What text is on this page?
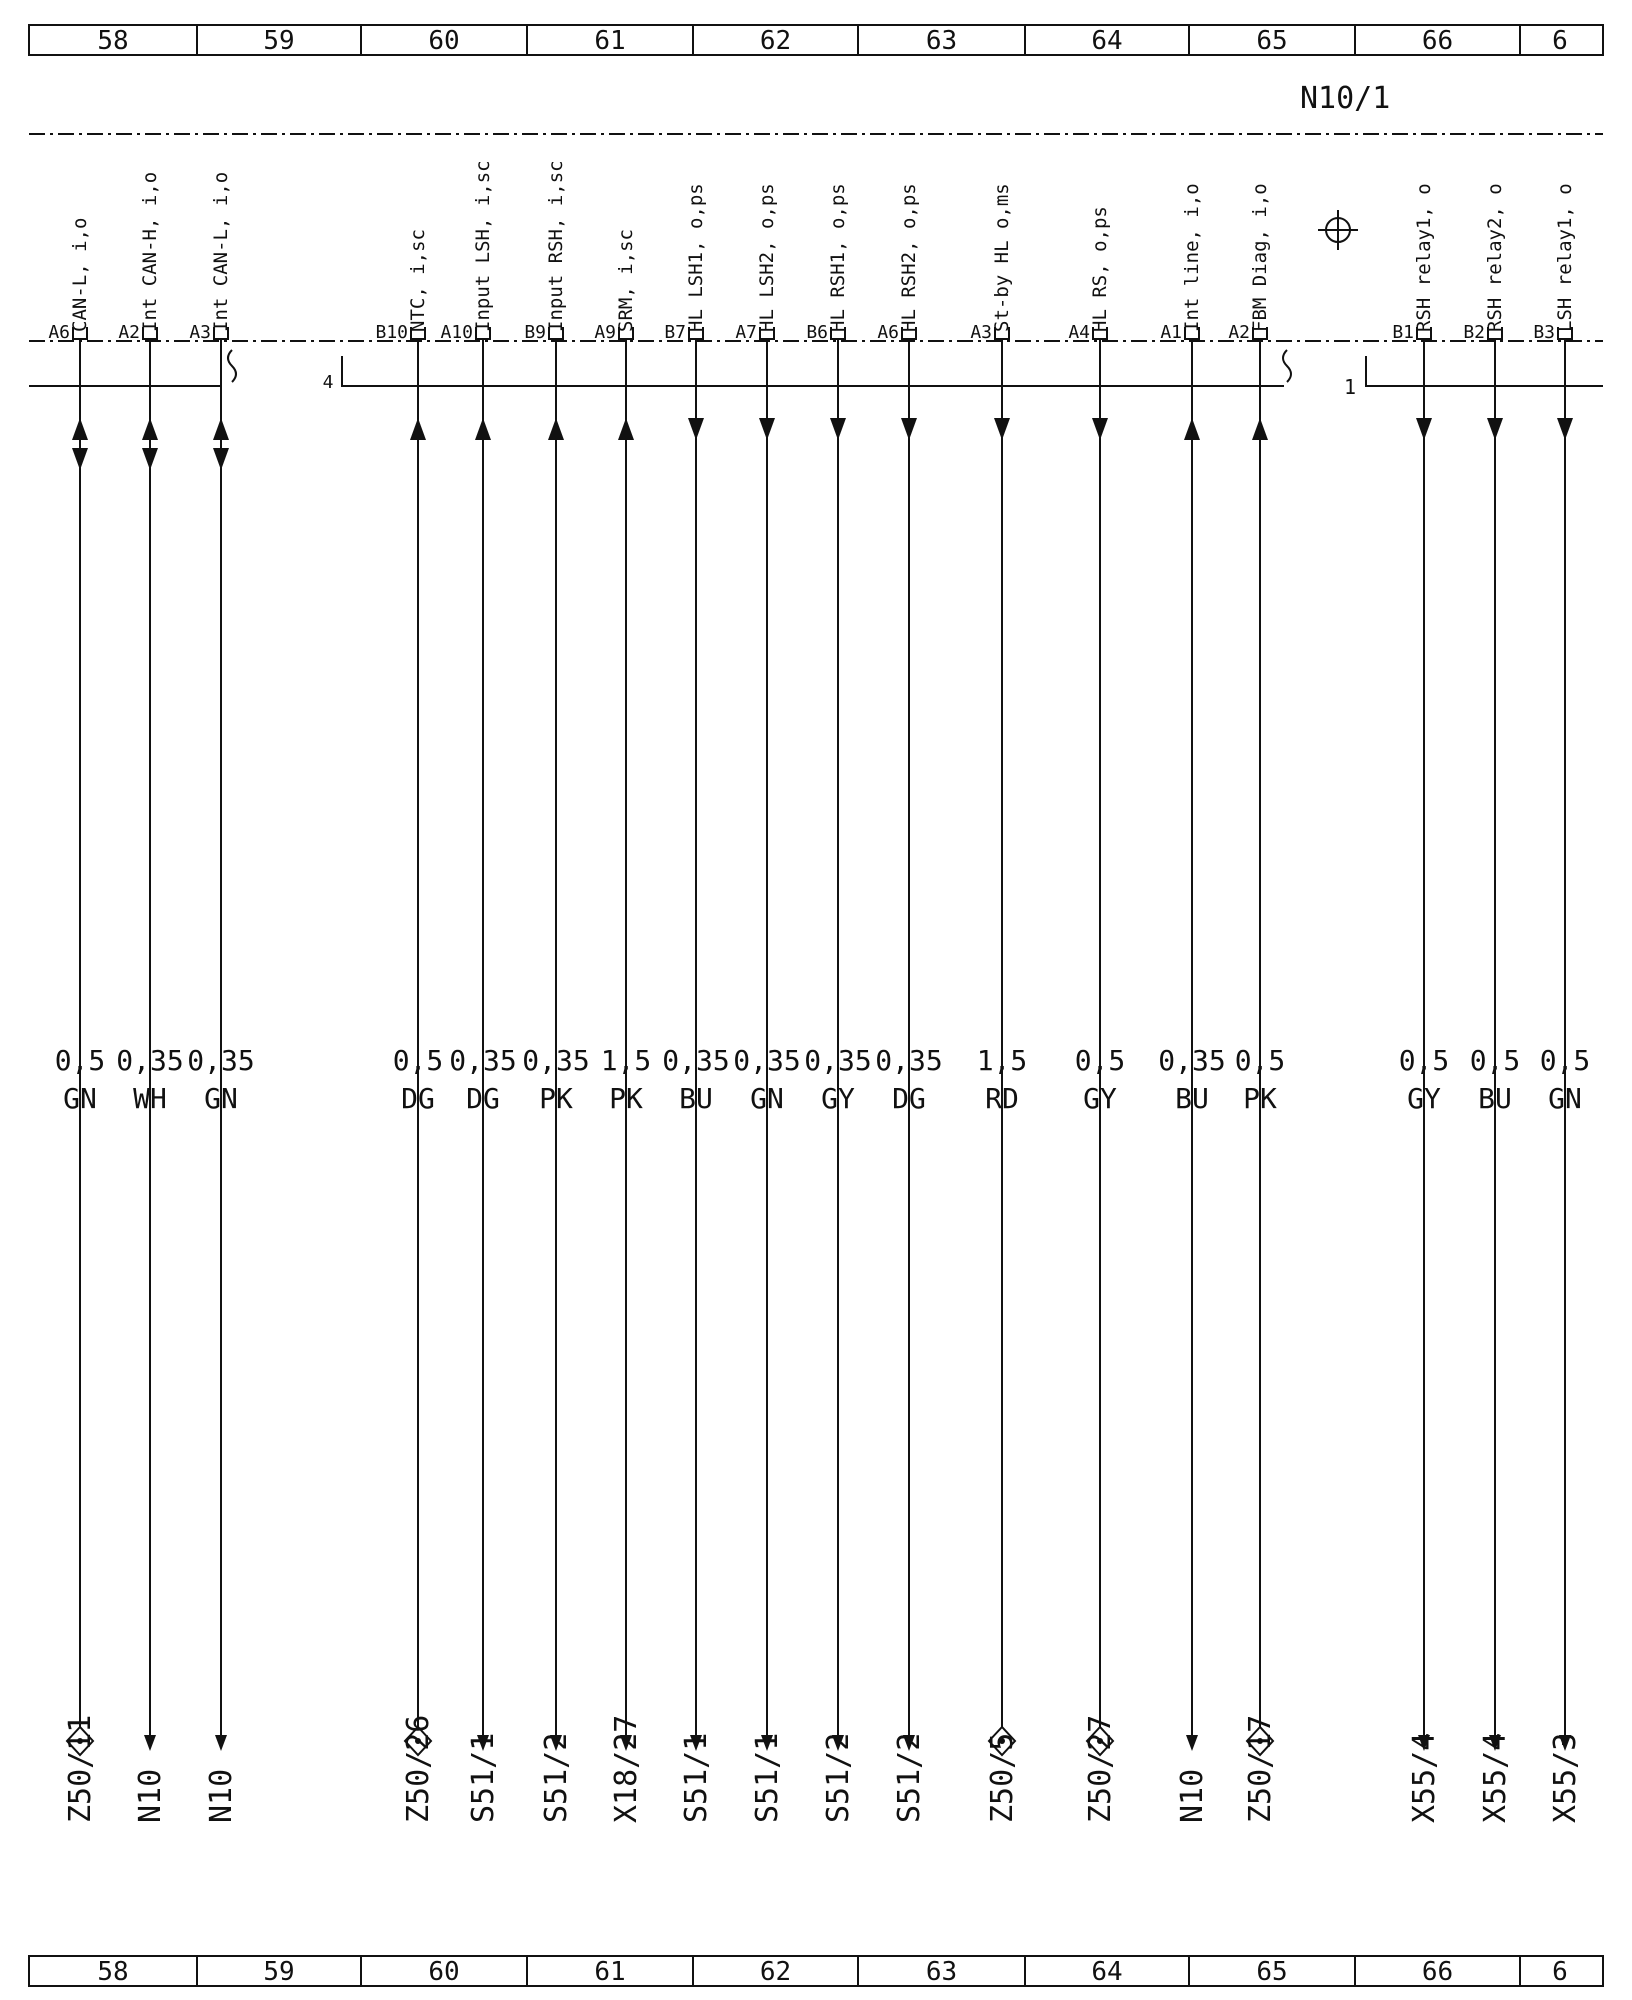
58	59	60	61	62	63	64	65	66	6
58	59	60	61	62	63	64	65	66	6
N10/1
4	1
A6
CAN-L, i,o
0,5
GN
Z50/11
A2
Int CAN-H, i,o
0,35
WH
N10
A3
Int CAN-L, i,o
0,35
GN
N10
B10
NTC, i,sc
0,5
DG
Z50/26
A10
Input LSH, i,sc
0,35
DG
S51/1
B9
Input RSH, i,sc
0,35
PK
S51/2
A9
SRM, i,sc
1,5
PK
X18/27
B7
HL LSH1, o,ps
0,35
BU
S51/1
A7
HL LSH2, o,ps
0,35
GN
S51/1
B6
HL RSH1, o,ps
0,35
GY
S51/2
A6
HL RSH2, o,ps
0,35
DG
S51/2
A3
St-by HL o,ms
1,5
RD
Z50/5
A4
HL RS, o,ps
0,5
GY
Z50/27
A1
Int line, i,o
0,35
BU
N10
A2
FBM Diag, i,o
0,5
PK
Z50/17
B1
RSH relay1, o
0,5
GY
X55/4
B2
RSH relay2, o
0,5
BU
X55/4
B3
LSH relay1, o
0,5
GN
X55/3
